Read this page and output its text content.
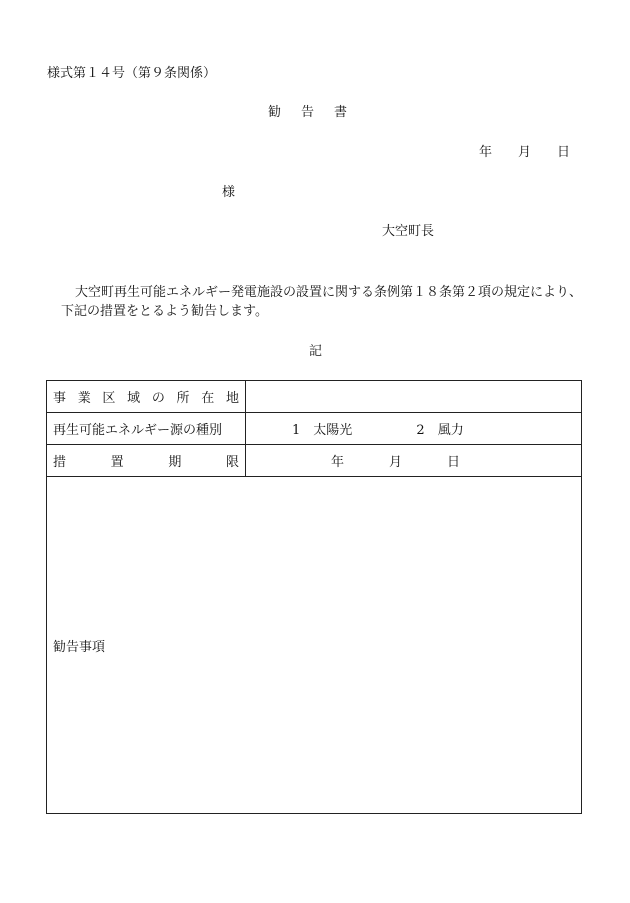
様式第１４号（第９条関係）
勧 告 書
年 月 日
様
大空町長
大空町再生可能エネルギー発電施設の設置に関する条例第１８条第２項の規定により、
下記の措置をとるよう勧告します。
記
事業区域の所在地	
再生可能エネルギー源の種別	1　太陽光 2　風力
措置期限	年 月 日
勧告事項	
